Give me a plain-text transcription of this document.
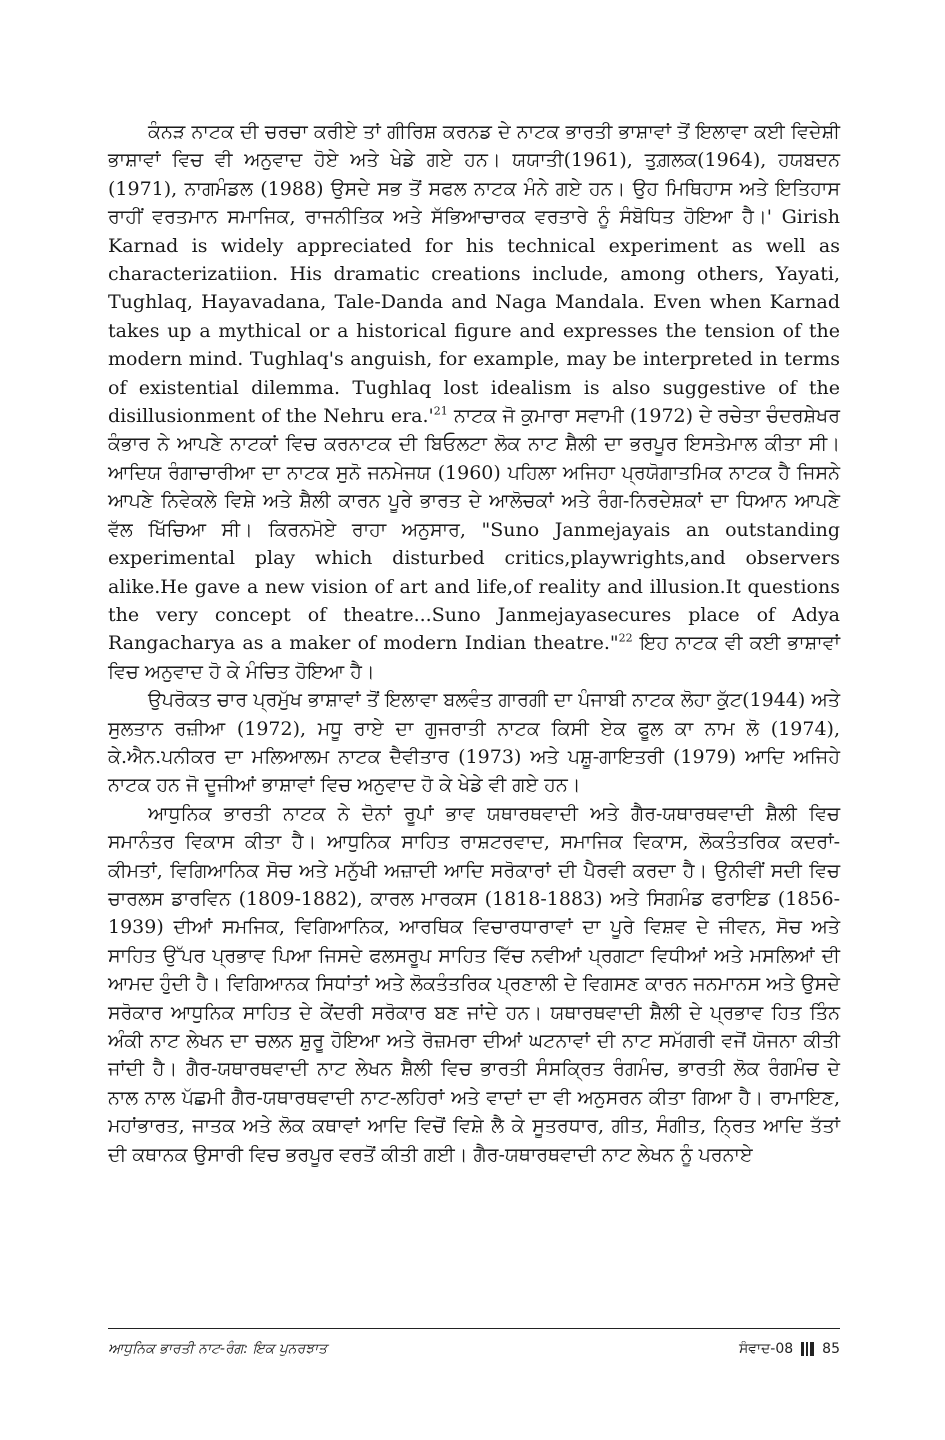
ਕੰਨੜ ਨਾਟਕ ਦੀ ਚਰਚਾ ਕਰੀਏ ਤਾਂ ਗੀਰਿਸ਼ ਕਰਨਡ ਦੇ ਨਾਟਕ ਭਾਰਤੀ ਭਾਸ਼ਾਵਾਂ ਤੋਂ ਇਲਾਵਾ ਕਈ ਵਿਦੇਸ਼ੀ ਭਾਸ਼ਾਵਾਂ ਵਿਚ ਵੀ ਅਨੁਵਾਦ ਹੋਏ ਅਤੇ ਖੇਡੇ ਗਏ ਹਨ। ਯਯਾਤੀ(1961), ਤੁਗ਼ਲਕ(1964), ਹਯਬਦਨ (1971), ਨਾਗਮੰਡਲ (1988) ਉਸਦੇ ਸਭ ਤੋਂ ਸਫਲ ਨਾਟਕ ਮੰਨੇ ਗਏ ਹਨ। ਉਹ ਮਿਥਿਹਾਸ ਅਤੇ ਇਤਿਹਾਸ ਰਾਹੀਂ ਵਰਤਮਾਨ ਸਮਾਜਿਕ, ਰਾਜਨੀਤਿਕ ਅਤੇ ਸੱਭਿਆਚਾਰਕ ਵਰਤਾਰੇ ਨੂੰ ਸੰਬੋਧਿਤ ਹੋਇਆ ਹੈ।' Girish Karnad is widely appreciated for his technical experiment as well as characterizatiion. His dramatic creations include, among others, Yayati, Tughlaq, Hayavadana, Tale-Danda and Naga Mandala. Even when Karnad takes up a mythical or a historical figure and expresses the tension of the modern mind. Tughlaq's anguish, for example, may be interpreted in terms of existential dilemma. Tughlaq lost idealism is also suggestive of the disillusionment of the Nehru $era.'^{21}$ ਨਾਟਕ ਜੋ ਕੁਮਾਰਾ ਸਵਾਮੀ (1972) ਦੇ ਰਚੇਤਾ ਚੰਦਰਸ਼ੇਖਰ ਕੰਭਾਰ ਨੇ ਆਪਣੇ ਨਾਟਕਾਂ ਵਿਚ ਕਰਨਾਟਕ ਦੀ ਬਿਓਲਟਾ ਲੋਕ ਨਾਟ ਸ਼ੈਲੀ ਦਾ ਭਰਪੂਰ ਇਸਤੇਮਾਲ ਕੀਤਾ ਸੀ। ਆਦਿਯ ਰੰਗਾਚਾਰੀਆ ਦਾ ਨਾਟਕ ਸੁਨੋ ਜਨਮੇਜਯ (1960) ਪਹਿਲਾ ਅਜਿਹਾ ਪ੍ਰਯੋਗਾਤਮਿਕ ਨਾਟਕ ਹੈ ਜਿਸਨੇ ਆਪਣੇ ਨਿਵੇਕਲੇ ਵਿਸ਼ੇ ਅਤੇ ਸ਼ੈਲੀ ਕਾਰਨ ਪੂਰੇ ਭਾਰਤ ਦੇ ਆਲੋਚਕਾਂ ਅਤੇ ਰੰਗ-ਨਿਰਦੇਸ਼ਕਾਂ ਦਾ ਧਿਆਨ ਆਪਣੇ ਵੱਲ ਖਿੱਚਿਆ ਸੀ। ਕਿਰਨਮੋਏ ਰਾਹਾ ਅਨੁਸਾਰ, "Suno Janmejayais an outstanding experimental play which disturbed critics,playwrights,and observers alike.He gave a new vision of art and life,of reality and illusion.It questions the very concept of theatre...Suno Janmejayasecures place of Adya Rangacharya as a maker of modern Indian theatre."$^{22}$ ਇਹ ਨਾਟਕ ਵੀ ਕਈ ਭਾਸ਼ਾਵਾਂ ਵਿਚ ਅਨੁਵਾਦ ਹੋ ਕੇ ਮੰਚਿਤ ਹੋਇਆ ਹੈ।

ਉਪਰੋਕਤ ਚਾਰ ਪ੍ਰਮੁੱਖ ਭਾਸ਼ਾਵਾਂ ਤੋਂ ਇਲਾਵਾ ਬਲਵੰਤ ਗਾਰਗੀ ਦਾ ਪੰਜਾਬੀ ਨਾਟਕ ਲੋਹਾ ਕੁੱਟ(1944) ਅਤੇ ਸੁਲਤਾਨ ਰਜ਼ੀਆ (1972), ਮਧੂ ਰਾਏ ਦਾ ਗੁਜਰਾਤੀ ਨਾਟਕ ਕਿਸੀ ਏਕ ਫੂਲ ਕਾ ਨਾਮ ਲੋ (1974), ਕੇ.ਐਨ.ਪਨੀਕਰ ਦਾ ਮਲਿਆਲਮ ਨਾਟਕ ਦੈਵੀਤਾਰ (1973) ਅਤੇ ਪਸ਼ੂ-ਗਾਇਤਰੀ (1979) ਆਦਿ ਅਜਿਹੇ ਨਾਟਕ ਹਨ ਜੋ ਦੂਜੀਆਂ ਭਾਸ਼ਾਵਾਂ ਵਿਚ ਅਨੁਵਾਦ ਹੋ ਕੇ ਖੇਡੇ ਵੀ ਗਏ ਹਨ।

ਆਧੁਨਿਕ ਭਾਰਤੀ ਨਾਟਕ ਨੇ ਦੋਨਾਂ ਰੂਪਾਂ ਭਾਵ ਯਥਾਰਥਵਾਦੀ ਅਤੇ ਗੈਰ-ਯਥਾਰਥਵਾਦੀ ਸ਼ੈਲੀ ਵਿਚ ਸਮਾਨੰਤਰ ਵਿਕਾਸ ਕੀਤਾ ਹੈ। ਆਧੁਨਿਕ ਸਾਹਿਤ ਰਾਸ਼ਟਰਵਾਦ, ਸਮਾਜਿਕ ਵਿਕਾਸ, ਲੋਕਤੰਤਰਿਕ ਕਦਰਾਂ-ਕੀਮਤਾਂ, ਵਿਗਿਆਨਿਕ ਸੋਚ ਅਤੇ ਮਨੁੱਖੀ ਅਜ਼ਾਦੀ ਆਦਿ ਸਰੋਕਾਰਾਂ ਦੀ ਪੈਰਵੀ ਕਰਦਾ ਹੈ। ਉਨੀਵੀਂ ਸਦੀ ਵਿਚ ਚਾਰਲਸ ਡਾਰਵਿਨ (1809-1882), ਕਾਰਲ ਮਾਰਕਸ (1818-1883) ਅਤੇ ਸਿਗਮੰਡ ਫਰਾਇਡ (1856-1939) ਦੀਆਂ ਸਮਜਿਕ, ਵਿਗਿਆਨਿਕ, ਆਰਥਿਕ ਵਿਚਾਰਧਾਰਾਵਾਂ ਦਾ ਪੂਰੇ ਵਿਸ਼ਵ ਦੇ ਜੀਵਨ, ਸੋਚ ਅਤੇ ਸਾਹਿਤ ਉੱਪਰ ਪ੍ਰਭਾਵ ਪਿਆ ਜਿਸਦੇ ਫਲਸਰੂਪ ਸਾਹਿਤ ਵਿੱਚ ਨਵੀਆਂ ਪ੍ਰਗਟਾ ਵਿਧੀਆਂ ਅਤੇ ਮਸਲਿਆਂ ਦੀ ਆਮਦ ਹੁੰਦੀ ਹੈ। ਵਿਗਿਆਨਕ ਸਿਧਾਂਤਾਂ ਅਤੇ ਲੋਕਤੰਤਰਿਕ ਪ੍ਰਣਾਲੀ ਦੇ ਵਿਗਸਣ ਕਾਰਨ ਜਨਮਾਨਸ ਅਤੇ ਉਸਦੇ ਸਰੋਕਾਰ ਆਧੁਨਿਕ ਸਾਹਿਤ ਦੇ ਕੇਂਦਰੀ ਸਰੋਕਾਰ ਬਣ ਜਾਂਦੇ ਹਨ। ਯਥਾਰਥਵਾਦੀ ਸ਼ੈਲੀ ਦੇ ਪ੍ਰਭਾਵ ਹਿਤ ਤਿੰਨ ਅੰਕੀ ਨਾਟ ਲੇਖਨ ਦਾ ਚਲਨ ਸ਼ੁਰੂ ਹੋਇਆ ਅਤੇ ਰੋਜ਼ਮਰਾ ਦੀਆਂ ਘਟਨਾਵਾਂ ਦੀ ਨਾਟ ਸਮੱਗਰੀ ਵਜੋਂ ਯੋਜਨਾ ਕੀਤੀ ਜਾਂਦੀ ਹੈ। ਗੈਰ-ਯਥਾਰਥਵਾਦੀ ਨਾਟ ਲੇਖਨ ਸ਼ੈਲੀ ਵਿਚ ਭਾਰਤੀ ਸੰਸਕ੍ਰਿਤ ਰੰਗਮੰਚ, ਭਾਰਤੀ ਲੋਕ ਰੰਗਮੰਚ ਦੇ ਨਾਲ ਨਾਲ ਪੱਛਮੀ ਗੈਰ-ਯਥਾਰਥਵਾਦੀ ਨਾਟ-ਲਹਿਰਾਂ ਅਤੇ ਵਾਦਾਂ ਦਾ ਵੀ ਅਨੁਸਰਨ ਕੀਤਾ ਗਿਆ ਹੈ। ਰਾਮਾਇਣ, ਮਹਾਂਭਾਰਤ, ਜਾਤਕ ਅਤੇ ਲੋਕ ਕਥਾਵਾਂ ਆਦਿ ਵਿਚੋਂ ਵਿਸ਼ੇ ਲੈ ਕੇ ਸੂਤਰਧਾਰ, ਗੀਤ, ਸੰਗੀਤ, ਨ੍ਰਿਤ ਆਦਿ ਤੱਤਾਂ ਦੀ ਕਥਾਨਕ ਉਸਾਰੀ ਵਿਚ ਭਰਪੂਰ ਵਰਤੋਂ ਕੀਤੀ ਗਈ। ਗੈਰ-ਯਥਾਰਥਵਾਦੀ ਨਾਟ ਲੇਖਨ ਨੂੰ ਪਰਨਾਏ

ਆਧੁਨਿਕ ਭਾਰਤੀ ਨਾਟ-ਰੰਗ: ਇਕ ਪੁਨਰਝਾਤ	ਸੰਵਾਦ-08 85
